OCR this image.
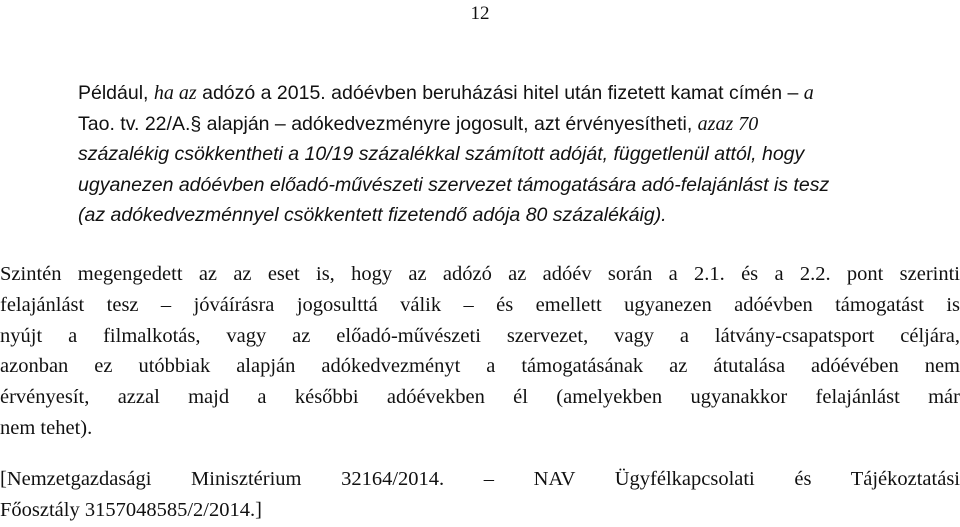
12

Például, ha az adózó a 2015. adóévben beruházási hitel után fizetett kamat címén – a
Tao. tv. 22/A.§ alapján – adókedvezményre jogosult, azt érvényesítheti, azaz 70
százalékig csökkentheti a 10/19 százalékkal számított adóját, függetlenül attól, hogy
ugyanezen adóévben előadó-művészeti szervezet támogatására adó-felajánlást is tesz
(az adókedvezménnyel csökkentett fizetendő adója 80 százalékáig).

Szintén megengedett az az eset is, hogy az adózó az adóév során a 2.1. és a 2.2. pont szerinti
felajánlást tesz – jóváírásra jogosulttá válik – és emellett ugyanezen adóévben támogatást is
nyújt a filmalkotás, vagy az előadó-művészeti szervezet, vagy a látvány-csapatsport céljára,
azonban ez utóbbiak alapján adókedvezményt a támogatásának az átutalása adóévében nem
érvényesít, azzal majd a későbbi adóévekben él (amelyekben ugyanakkor felajánlást már
nem tehet).

[Nemzetgazdasági Minisztérium 32164/2014. – NAV Ügyfélkapcsolati és Tájékoztatási
Főosztály 3157048585/2/2014.]
